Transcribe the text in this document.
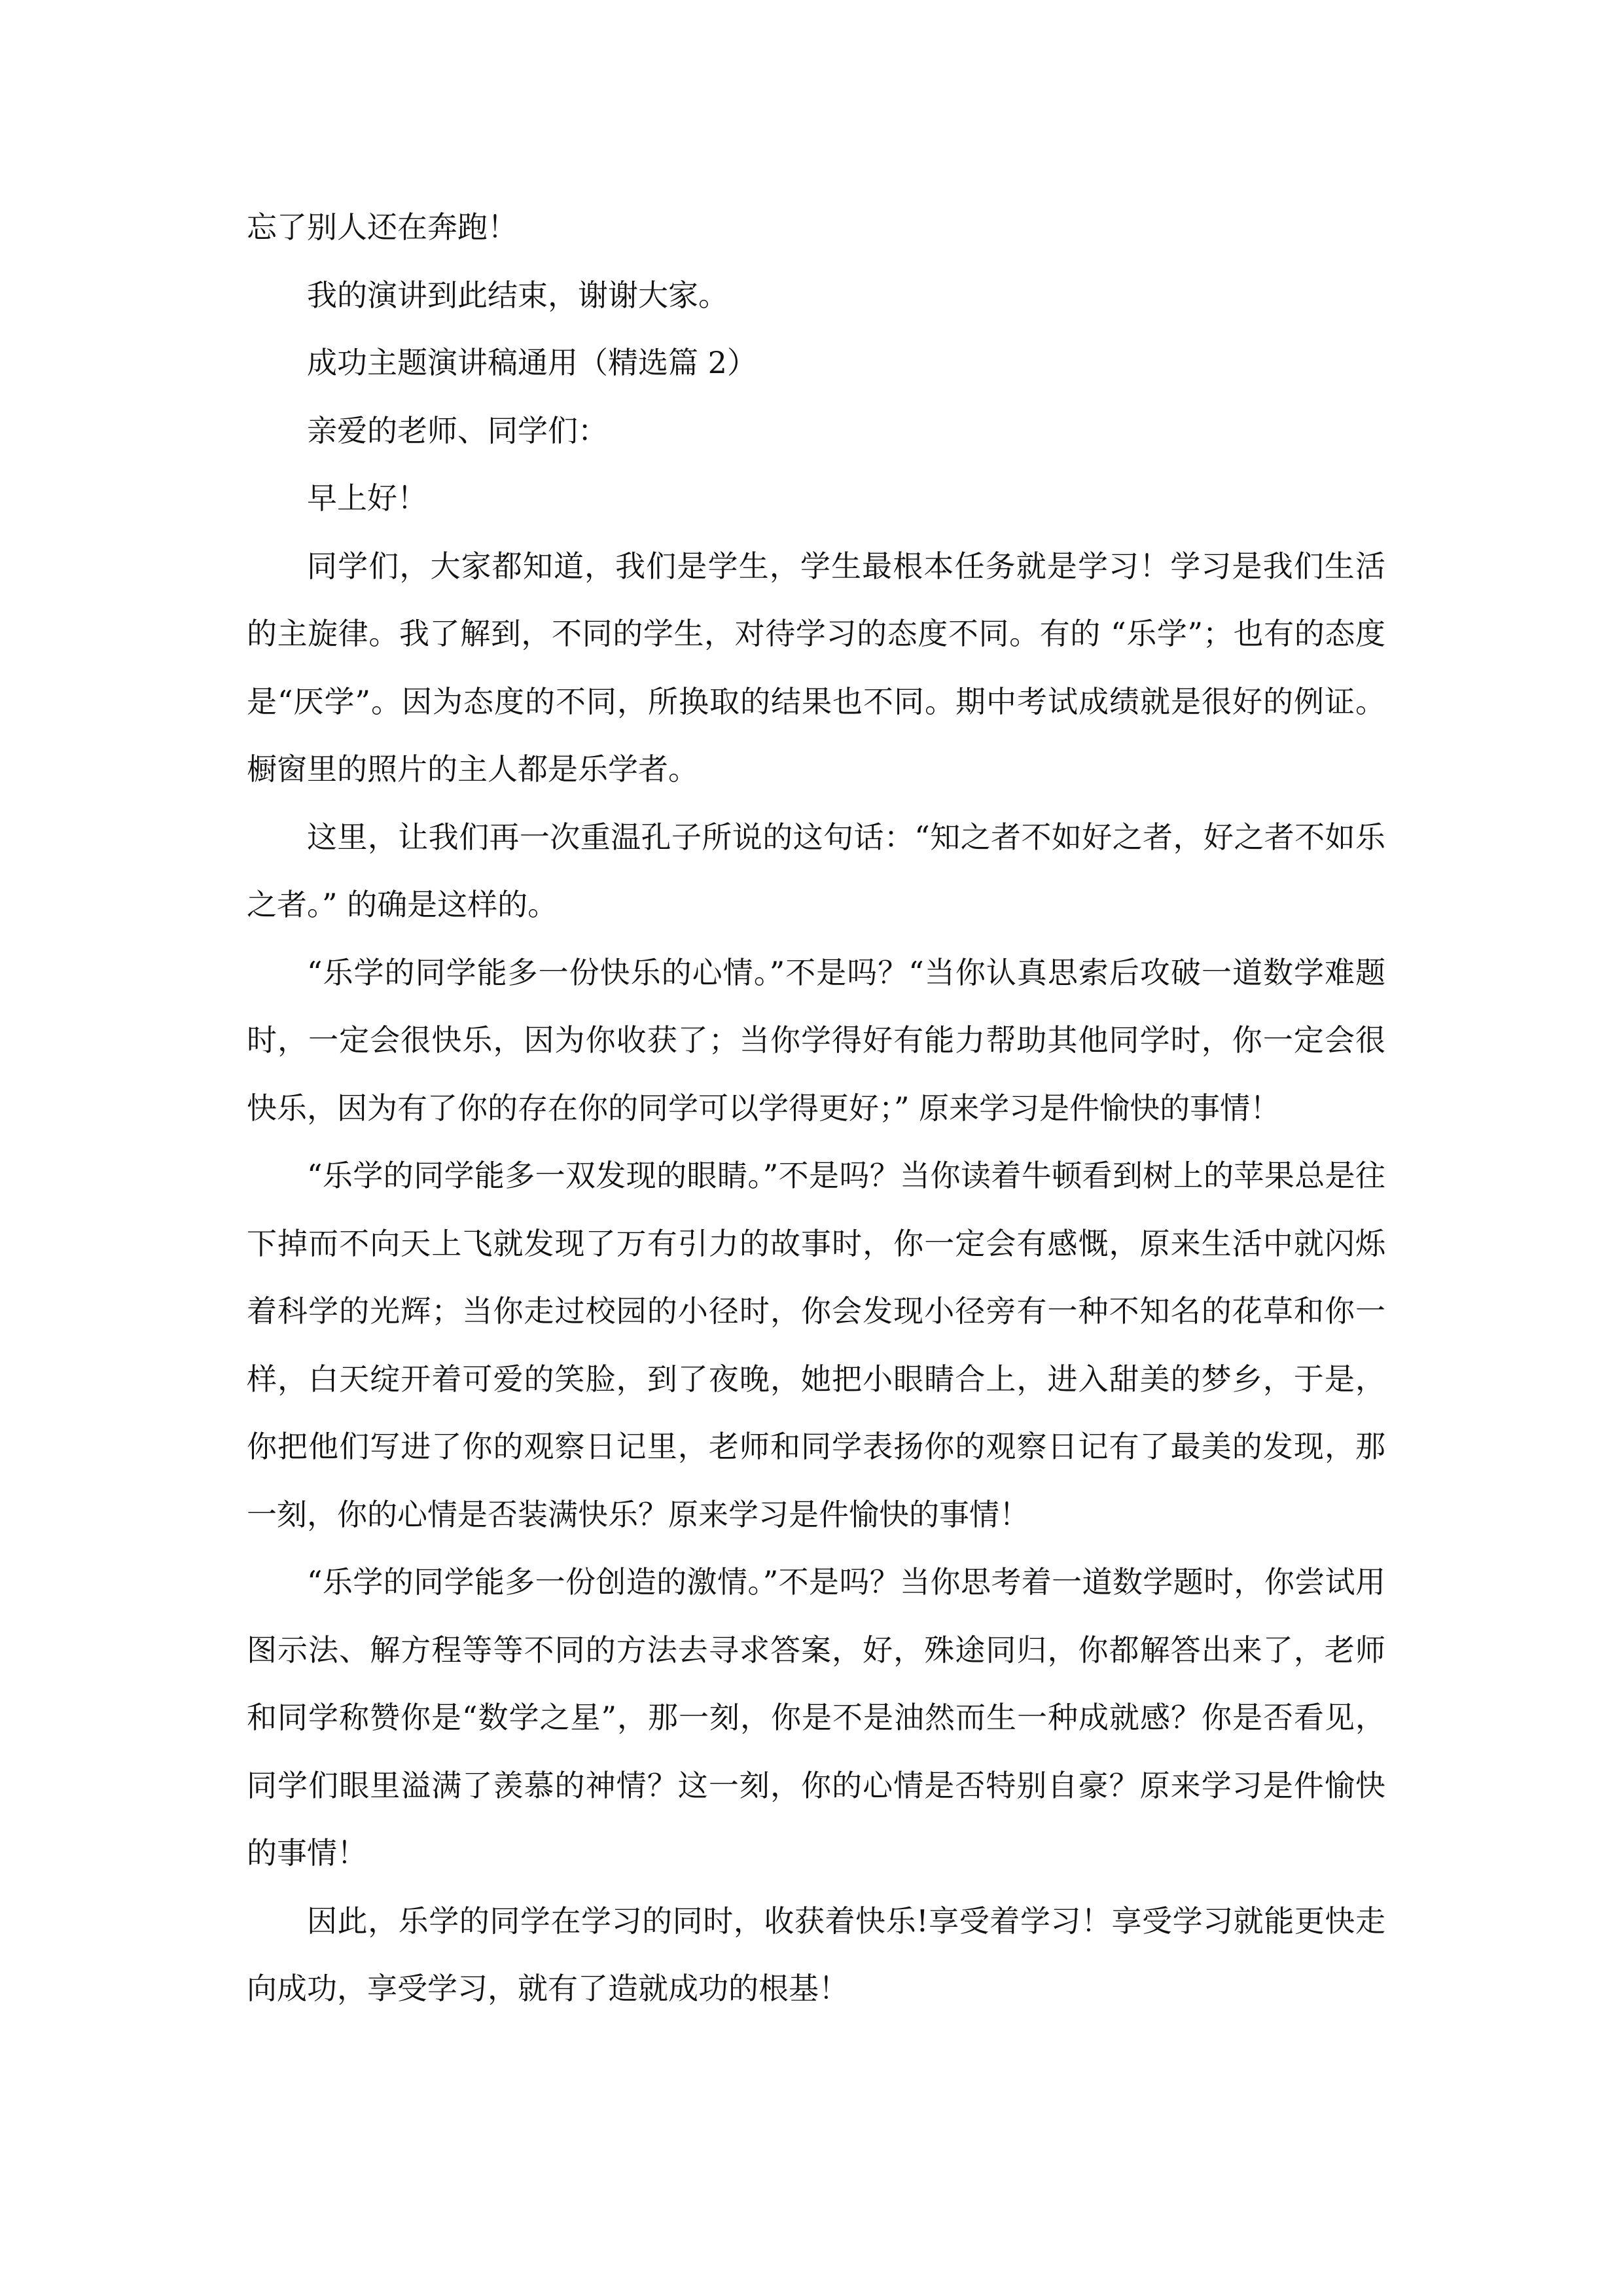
忘了别人还在奔跑！

我的演讲到此结束，谢谢大家。

成功主题演讲稿通用（精选篇 2）

亲爱的老师、同学们：

早上好！

同学们，大家都知道，我们是学生，学生最根本任务就是学习！学习是我们生活的主旋律。我了解到，不同的学生，对待学习的态度不同。有的 “乐学”；也有的态度是“厌学”。因为态度的不同，所换取的结果也不同。期中考试成绩就是很好的例证。橱窗里的照片的主人都是乐学者。

这里，让我们再一次重温孔子所说的这句话：“知之者不如好之者，好之者不如乐之者。” 的确是这样的。

“乐学的同学能多一份快乐的心情。”不是吗？“当你认真思索后攻破一道数学难题时，一定会很快乐，因为你收获了；当你学得好有能力帮助其他同学时，你一定会很快乐，因为有了你的存在你的同学可以学得更好；” 原来学习是件愉快的事情！

“乐学的同学能多一双发现的眼睛。”不是吗？当你读着牛顿看到树上的苹果总是往下掉而不向天上飞就发现了万有引力的故事时，你一定会有感慨，原来生活中就闪烁着科学的光辉；当你走过校园的小径时，你会发现小径旁有一种不知名的花草和你一样，白天绽开着可爱的笑脸，到了夜晚，她把小眼睛合上，进入甜美的梦乡，于是，你把他们写进了你的观察日记里，老师和同学表扬你的观察日记有了最美的发现，那一刻，你的心情是否装满快乐？原来学习是件愉快的事情！

“乐学的同学能多一份创造的激情。”不是吗？当你思考着一道数学题时，你尝试用图示法、解方程等等不同的方法去寻求答案，好，殊途同归，你都解答出来了，老师和同学称赞你是“数学之星”，那一刻，你是不是油然而生一种成就感？你是否看见，同学们眼里溢满了羡慕的神情？这一刻，你的心情是否特别自豪？原来学习是件愉快的事情！

因此，乐学的同学在学习的同时，收获着快乐!享受着学习！享受学习就能更快走向成功，享受学习，就有了造就成功的根基！
